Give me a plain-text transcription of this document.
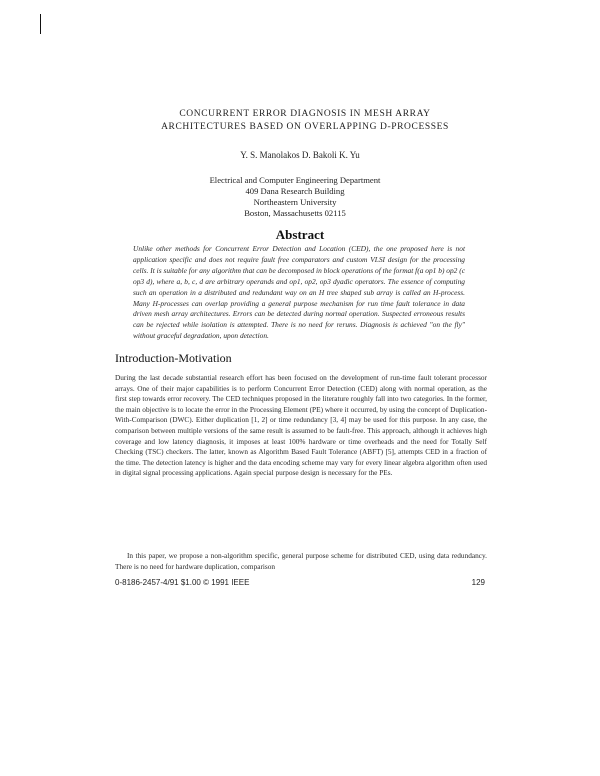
CONCURRENT ERROR DIAGNOSIS IN MESH ARRAY
ARCHITECTURES BASED ON OVERLAPPING D-PROCESSES
Y. S. Manolakos D. Bakoli K. Yu
Electrical and Computer Engineering Department
409 Dana Research Building
Northeastern University
Boston, Massachusetts 02115
Abstract
Unlike other methods for Concurrent Error Detection and Location (CED), the one proposed here is not application specific and does not require fault free comparators and custom VLSI design for the processing cells. It is suitable for any algorithm that can be decomposed in block operations of the format f(a op1 b) op2 (c op3 d), where a, b, c, d are arbitrary operands and op1, op2, op3 dyadic operators. The essence of computing such an operation in a distributed and redundant way on an H tree shaped sub array is called an H-process. Many H-processes can overlap providing a general purpose mechanism for run time fault tolerance in data driven mesh array architectures. Errors can be detected during normal operation. Suspected erroneous results can be rejected while isolation is attempted. There is no need for reruns. Diagnosis is achieved "on the fly" without graceful degradation, upon detection.
Introduction-Motivation
During the last decade substantial research effort has been focused on the development of run-time fault tolerant processor arrays. One of their major capabilities is to perform Concurrent Error Detection (CED) along with normal operation, as the first step towards error recovery. The CED techniques proposed in the literature roughly fall into two categories. In the former, the main objective is to locate the error in the Processing Element (PE) where it occurred, by using the concept of Duplication-With-Comparison (DWC). Either duplication [1, 2] or time redundancy [3, 4] may be used for this purpose. In any case, the comparison between multiple versions of the same result is assumed to be fault-free. This approach, although it achieves high coverage and low latency diagnosis, it imposes at least 100% hardware or time overheads and the need for Totally Self Checking (TSC) checkers. The latter, known as Algorithm Based Fault Tolerance (ABFT) [5], attempts CED in a fraction of the time. The detection latency is higher and the data encoding scheme may vary for every linear algebra algorithm often used in digital signal processing applications. Again special purpose design is necessary for the PEs.
In this paper, we propose a non-algorithm specific, general purpose scheme for distributed CED, using data redundancy. There is no need for hardware duplication, comparison
0-8186-2457-4/91 $1.00 © 1991 IEEE	129
